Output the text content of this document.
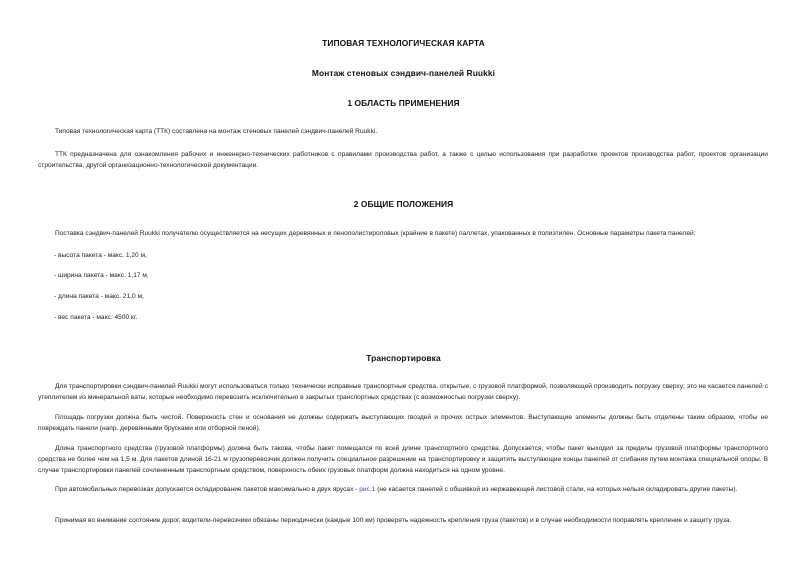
ТИПОВАЯ ТЕХНОЛОГИЧЕСКАЯ КАРТА
Монтаж стеновых сэндвич-панелей Ruukki
1 ОБЛАСТЬ ПРИМЕНЕНИЯ
Типовая технологическая карта (ТТК) составлена на монтаж стеновых панелей сэндвич-панелей Ruukki.
ТТК предназначена для ознакомления рабочих и инженерно-технических работников с правилами производства работ, а также с целью использования при разработке проектов производства работ, проектов организации строительства, другой организационно-технологической документации.
2 ОБЩИЕ ПОЛОЖЕНИЯ
Поставка сэндвич-панелей Ruukki получателю осуществляется на несущих деревянных и пенополистироловых (крайние в пакете) паллетах, упакованных в полиэтилен. Основные параметры пакета панелей:
- высота пакета - макс. 1,20 м,
- ширина пакета - макс. 1,17 м,
- длина пакета - макс. 21,0 м,
- вес пакета - макс. 4500 кг.
Транспортировка
Для транспортировки сэндвич-панелей Ruukki могут использоваться только технически исправные транспортные средства, открытые, с грузовой платформой, позволяющей производить погрузку сверху; это не касается панелей с утеплителем из минеральной ваты, которые необходимо перевозить исключительно в закрытых транспортных средствах (с возможностью погрузки сверху).
Площадь погрузки должна быть чистой. Поверхность стен и основания не должны содержать выступающих гвоздей и прочих острых элементов. Выступающие элементы должны быть отделены таким образом, чтобы не повреждать панели (напр. деревянными брусками или отборной пеной).
Длина транспортного средства (грузовой платформы) должна быть такова, чтобы пакет помещался по всей длине транспортного средства. Допускается, чтобы пакет выходил за пределы грузовой платформы транспортного средства не более чем на 1,5 м. Для пакетов длиной 16-21 м грузоперевозчик должен получить специальное разрешение на транспортировку и защитить выступающие концы панелей от сгибания путем монтажа специальной опоры. В случае транспортировки панелей сочлененным транспортным средством, поверхность обеих грузовых платформ должна находиться на одном уровне.
При автомобильных перевозках допускается складирование пакетов максимально в двух ярусах - рис.1 (не касается панелей с обшивкой из нержавеющей листовой стали, на которых нельзя складировать другие пакеты).
Принимая во внимание состояние дорог, водители-перевозчики обязаны периодически (каждые 100 км) проверять надежность крепления груза (пакетов) и в случае необходимости поправлять крепление и защиту груза.
